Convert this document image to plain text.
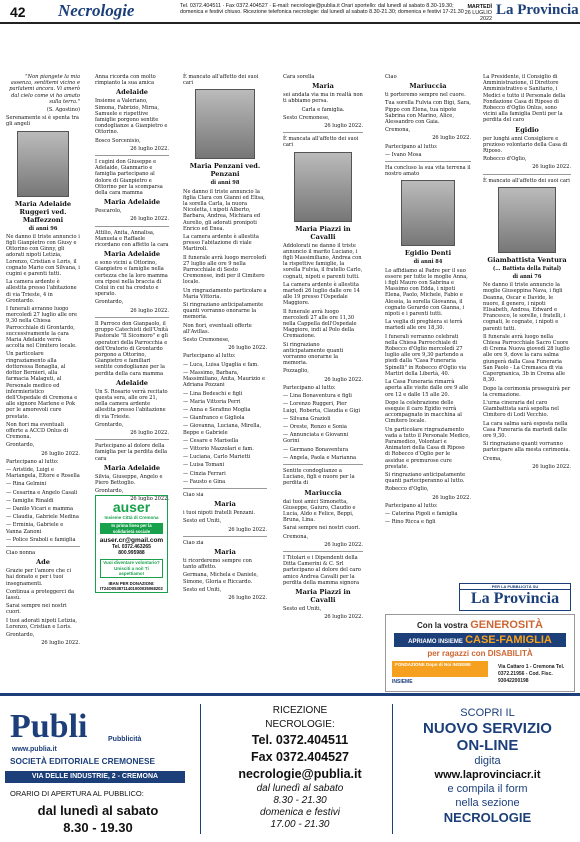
42 Necrologie	Tel. 0372.404511 · Fax 0372.404527 · E-mail: necrologie@publia.it Orari sportello: dal lunedì al sabato 8.30-19.30; domenica e festivi chiuso. Ricezione telefonica necrologie: dal lunedì al sabato 8.30-21.30; domenica e festivi 17-21.30
MARTEDÌ
26 LUGLIO 2022
La Provincia

"Non piangete la mia assenza, sentitemi vicino e parlatemi ancora. Vi amerò dal cielo come vi ho amato sulla terra."

(S. Agostino)

Serenamente si è spenta tra gli angeli

Maria Adelaide Ruggeri ved. Maffezzoni

di anni 96

Ne danno il triste annuncio i figli Gianpietro con Giusy e Ottorino con Ginny, gli adorati nipoti Letizia, Lorenzo, Cristian e Loris, il cognato Mario con Silvana, i cugini e parenti tutti.

La camera ardente è allestita presso l'abitazione di via Trieste, 4 in Grontardo.

I funerali avranno luogo mercoledì 27 luglio alle ore 9,30 nella Chiesa Parrocchiale di Grontardo, successivamente la cara Maria Adelaide verrà accolta nel Cimitero locale.

Un particolare ringraziamento alla dottoressa Bonaglia, al dottor Bernieri, alla farmacia Malaguti, al Personale medico ed infermieristico dell'Ospedale di Cremona e alle signore Marlene e Pok per le amorevoli cure prestate.

Non fiori ma eventuali offerte a ACCD Onlus di Cremona.

Grontardo,

26 luglio 2022.

Partecipano al lutto:

— Aristide, Luigi e Mariangela, Eltore e Rosella

— Rina Gelmini

— Cesarina e Angelo Casali

— famiglie Rinaldi

— Danilo Vicari e mamma

— Claudia, Gabriele Medina

— Erminia, Gabriele e Vanna Zanoni

— Police Sraboli e famiglia

Ciao nonna

Ade

Grazie per l'amore che ci hai donato e per i tuoi insegnamenti.

Continua a proteggerci da lassù.

Sarai sempre nei nostri cuori.

I tuoi adorati nipoti Letizia, Lorenzo, Cristian e Loris.

Grontardo,

26 luglio 2022.

Anna ricorda con molto rimpianto la sua amica

Adelaide

Insieme a Valeriano, Simona, Fabrizio, Mirna, Samuele e rispettive famiglie porgono sentite condoglianze a Gianpietro e Ottorino.

Bosco Sorcenisio,

26 luglio 2022.

I cugini don Giuseppe e Adelaide, Gianmario e famiglia partecipano al dolore di Gianpietro e Ottorino per la scomparsa della cara mamma

Maria Adelaide

Pescarolo,

26 luglio 2022.

Attilio, Anita, Annalisa, Manuela e Raffaele ricordano con affetto la cara

Maria Adelaide

e sono vicini a Ottorino, Gianpietro e famiglie nella certezza che la loro mamma ora riposi nella braccia di Colui in cui ha creduto e sperato.

Grontardo,

26 luglio 2022.

Il Parroco don Gianpaolo, il gruppo Catechisti dell'Unità Pastorale "Il Sicomoro" e gli operatori della Parrocchia e dell'Oratorio di Grontardo porgono a Ottorino, Gianpietro e familiari sentite condoglianze per la perdita della cara mamma

Adelaide

Un S. Rosario verrà recitato questa sera, alle ore 21, nella camera ardente allestita presso l'abitazione di via Trieste.

Grontardo,

26 luglio 2022.

Partecipano al dolore della famiglia per la perdita della cara

Maria Adelaide

Silvia, Giuseppe, Angelo e Piero Bettoglio.

Grontardo,

26 luglio 2022.

auser
Insieme Città di Cremona
In prima linea per la solidarietà sociale
auser.cr@gmail.com
Tel. 0372.463265
800.995988
Vuoi diventare volontario? Unisciti a noi! Ti aspettiamo!
IBAN PER DONAZIONI:
IT24O0538711401000035068202

È mancato all'affetto dei suoi cari

Maria Penzani ved. Penzani

di anni 98

Ne danno il triste annuncio la figlia Clara con Gianni ed Elisa, la sorella Carla, la nuora Nicoletta, i nipoti Alberto, Barbara, Andrea, Michiara ed Aurelio, gli adorati pronipoti Enrico ed Enea.

La camera ardente è allestita presso l'abitazione di viale Martiroli.

Il funerale avrà luogo mercoledì 27 luglio alle ore 9 nella Parrocchiale di Sesto Cremonese, indi per il Cimitero locale.

Un ringraziamento particolare a Maria Vittoria.

Si ringraziano anticipatamente quanti vorranno onorarne la memoria.

Non fiori, eventuali offerte all'Avillas.

Sesto Cremonese,

26 luglio 2022.

Partecipano al lutto:

— Luca, Luisa Ugaglia e fam.

— Massimo, Barbara, Massimiliano, Anita, Maurizio e Adriana Pozzani

— Lina Bedeschi e figli

— Maria Vittoria Perri

— Anna e Serafino Moglia

— Gianfranco e Gigliola

— Giovanna, Luciana, Mirella, Beppe e Gabriele

— Cesare e Marisella

— Vittorio Mazzolari e fam.

— Luciana, Carlo Marietti

— Luisa Tomani

— Cinzia Ferrari

— Fausto e Gina

Ciao sia

Maria

i tuoi nipoti fratelli Penzani.

Sesto ed Uniti,

26 luglio 2022.

Ciao zia

Maria

ti ricorderemo sempre con tanto affetto.

Germana, Michela e Daniele, Simone, Gloria e Riccardo.

Sesto ed Uniti,

26 luglio 2022.

Cara sorella

Maria

sei andata via ma in realtà non ti abbiamo persa.

Carla e famiglia.

Sesto Cremonese,

26 luglio 2022.

È mancata all'affetto dei suoi cari

Maria Piazzi in Cavalli

Addolorati ne danno il triste annuncio il marito Luciano, i figli Massimiliano, Andrea con la rispettive famiglie, la sorella Fulvia, il fratello Carlo, cognati, nipoti e parenti tutti.

La camera ardente è allestita martedì 26 luglio dalle ore 14 alle 19 presso l'Ospedale Maggiore.

Il funerale avrà luogo mercoledì 27 alle ore 11,30 nella Cappella dell'Ospedale Maggiore, indi al Polo della Cremazione.

Si ringraziano anticipatamente quanti vorranno onorarne la memoria.

Pozzaglio,

26 luglio 2022.

Partecipano al lutto:

— Lina Bonaventura e figli

— Lorenzo Ruggeri, Pier Luigi, Roberta, Claudia e Gigi

— Silvana Grazioli

— Oreste, Renzo e Sonia

— Annunciata e Giovanni Gorini

— Germano Bonaventura

— Angela, Paola e Marianna

Sentite condoglianze a Luciano, figli e nuore per la perdita di

Mariuccia

dai tuoi amici Simonetta, Giuseppe, Gaiuro, Claudio e Lucia, Aldo e Felice, Beppi, Bruna, Lina.

Sarai sempre nei nostri cuori.

Cremona,

26 luglio 2022.

I Titolari e i Dipendenti della Ditta Camerini & C. Srl partecipano al dolore del caro amico Andrea Cavalli per la perdita della mamma signora

Maria Piazzi in Cavalli

Sesto ed Uniti,

26 luglio 2022.

Ciao

Mariuccia

ti porteremo sempre nel cuore.

Tua sorella Fulvia con Bigi, Sara, Pippo con Elena, tua nipote Sabrina con Marino, Alice, Alessandro con Gaia.

Cremona,

26 luglio 2022.

Partecipano al lutto:

— Ivano Mosa

Ha concluso la sua vita terrena il nostro amato

Egidio Denti

di anni 84

Lo affidiamo al Padre per il suo essere per tutte le moglie Anna, i figli Mauro con Sabrina e Massimo con Edda, i nipoti Elena, Paolo, Michele, Fabio e Alessia, la sorella Giovanna, il cognato Gerardo con Gianna, i nipoti e i parenti tutti.

La veglia di preghiera si terrà martedì alle ore 18,30.

I funerali verranno celebrati nella Chiesa Parrocchiale di Robecco d'Oglio mercoledì 27 luglio alle ore 9,30 partendo a piedi dalla "Casa Funeraria Spinelli" in Robecco d'Oglio via Martiri della Libertà, 40.

La Casa Funeraria rimarrà aperta alle visite dalle ore 9 alle ore 12 e dalle 15 alle 20.

Dopo la celebrazione delle esequie il caro Egidio verrà accompagnato in macchina al Cimitero locale.

Un particolare ringraziamento vada a tutto il Personale Medico, Paramedico, Volontari e Animatori della Casa di Riposo di Robecco d'Oglio per le assidue e premurose cure prestate.

Si ringraziano anticipatamente quanti parteciperanno al lutto.

Robecco d'Oglio,

26 luglio 2022.

Partecipano al lutto:

— Caterina Pigoli e famiglia

— Rino Ricca e figli

La Presidente, il Consiglio di Amministrazione, il Direttore Amministrativo e Sanitario, i Medici e tutto il Personale della Fondazione Casa di Riposo di Robecco d'Oglio Onlus, sono vicini alla famiglia Denti per la perdita del caro

Egidio

per lunghi anni Consigliere e prezioso volontario della Casa di Riposo.

Robecco d'Oglio,

26 luglio 2022.

È mancato all'affetto dei suoi cari

Giambattista Ventura

(... Battista della Faital)

di anni 76

Ne danno il triste annuncio la moglie Giuseppina Nava, i figli Deanna, Oscar e Davide, le nuore, il genero, i nipoti Elisabeth, Andrea, Edward e Francesco, le sorelle, i fratelli, i cognati, le cognate, i nipoti e parenti tutti.

Il funerale avrà luogo nella Chiesa Parrocchiale Sacro Cuore di Crema Nuova giovedì 28 luglio alle ore 9, dove la cara salma giungerà dalla Casa Funeraria San Paolo - La Cremasca di via Capergnanica, 3b in Crema alle 8,30.

Dopo la cerimonia proseguirà per la cremazione.

L'urna cineraria del caro Giambattista sarà sepolta nel Cimitero di Lodi Vecchio.

La cara salma sarà esposta nella Casa Funeraria da martedì dalle ore 9,30.

Si ringraziano quanti vorranno partecipare alla mesta cerimonia.

Crema,

26 luglio 2022.

PER LA PUBBLICITÀ SU
La Provincia
Con la vostra GENEROSITÀ
APRIAMO INSIEME CASE-FAMIGLIA
per ragazzi con DISABILITÀ
FONDAZIONE Dopo di Noi INSIEME	Via Cattaro 1 - Cremona Tel. 0372.21956 - Cod. Fisc. 93042200198
INSIEME
Publi	Pubblicità
www.publia.it
SOCIETÀ EDITORIALE CREMONESE
VIA DELLE INDUSTRIE, 2 - CREMONA
ORARIO DI APERTURA AL PUBBLICO:
dal lunedì al sabato
8.30 - 19.30
RICEZIONE
NECROLOGIE:
Tel. 0372.404511
Fax 0372.404527
necrologie@publia.it
dal lunedì al sabato
8.30 - 21.30
domenica e festivi
17.00 - 21.30
SCOPRI IL
NUOVO SERVIZIO
ON-LINE
digita
www.laprovinciacr.it
e compila il form
nella sezione
NECROLOGIE
